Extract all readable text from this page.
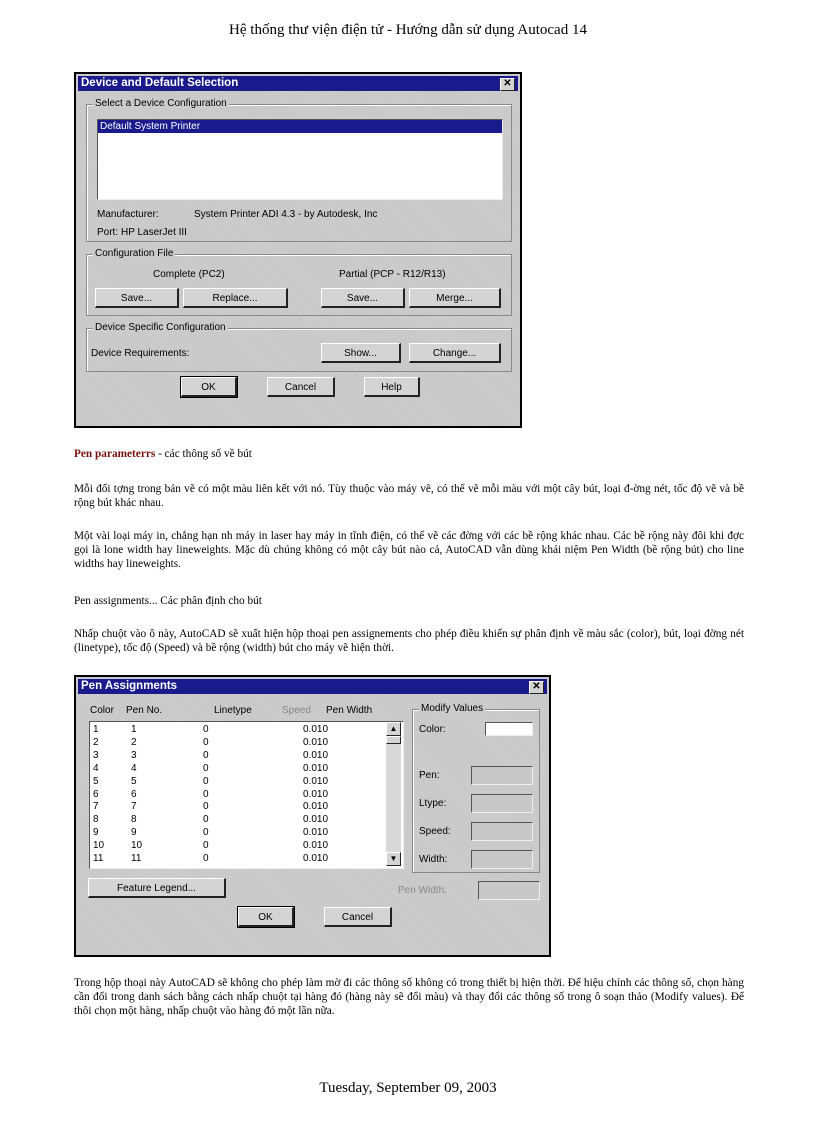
Hệ thống thư viện điện tử - Hướng dẫn sử dụng Autocad 14
Device and Default Selection	✕
Select a Device Configuration
Default System Printer
Manufacturer:	System Printer ADI 4.3 - by Autodesk, Inc
Port: HP LaserJet III
Configuration File
Complete (PC2)	Partial (PCP - R12/R13)
Save...	Replace...	Save...	Merge...
Device Specific Configuration
Device Requirements:	Show...	Change...
OK	Cancel	Help
Pen parameterrs - các thông số về bút
Mỗi đối tợng trong bản vẽ có một màu liên kết với nó. Tùy thuộc vào máy vẽ, có thể vẽ mỗi màu với một cây bút, loại đ-ờng nét, tốc độ vẽ và bề rộng bút khác nhau.
Một vài loại máy in, chẳng hạn nh máy in laser hay máy in tĩnh điện, có thể vẽ các đờng với các bề rộng khác nhau. Các bề rộng này đôi khi đợc gọi là lone width hay lineweights. Mặc dù chúng không có một cây bút nào cả, AutoCAD vẫn dùng khái niệm Pen Width (bề rộng bút) cho line widths hay lineweights.
Pen assignments... Các phân định cho bút
Nhấp chuột vào ô này, AutoCAD sẽ xuất hiện hộp thoại pen assignements cho phép điều khiển sự phân định về màu sắc (color), bút, loại đờng nét (linetype), tốc độ (Speed) và bề rộng (width) bút cho máy vẽ hiện thời.
Pen Assignments	✕
Color Pen No.	Linetype	Speed Pen Width
1	1	0	0.010
2	2	0	0.010
3	3	0	0.010
4	4	0	0.010
5	5	0	0.010
6	6	0	0.010
7	7	0	0.010
8	8	0	0.010
9	9	0	0.010
10	10	0	0.010
11	11	0	0.010
▲
▼
Modify Values
Color:
Pen:
Ltype:
Speed:
Width:
Feature Legend...	Pen Width:
OK	Cancel
Trong hộp thoại này AutoCAD sẽ không cho phép làm mờ đi các thông số không có trong thiết bị hiện thời. Để hiệu chỉnh các thông số, chọn hàng cần đổi trong danh sách bằng cách nhấp chuột tại hàng đó (hàng này sẽ đổi màu) và thay đổi các thông số trong ô soạn thảo (Modify values). Để thôi chọn một hàng, nhấp chuột vào hàng đó một lần nữa.
Tuesday, September 09, 2003
